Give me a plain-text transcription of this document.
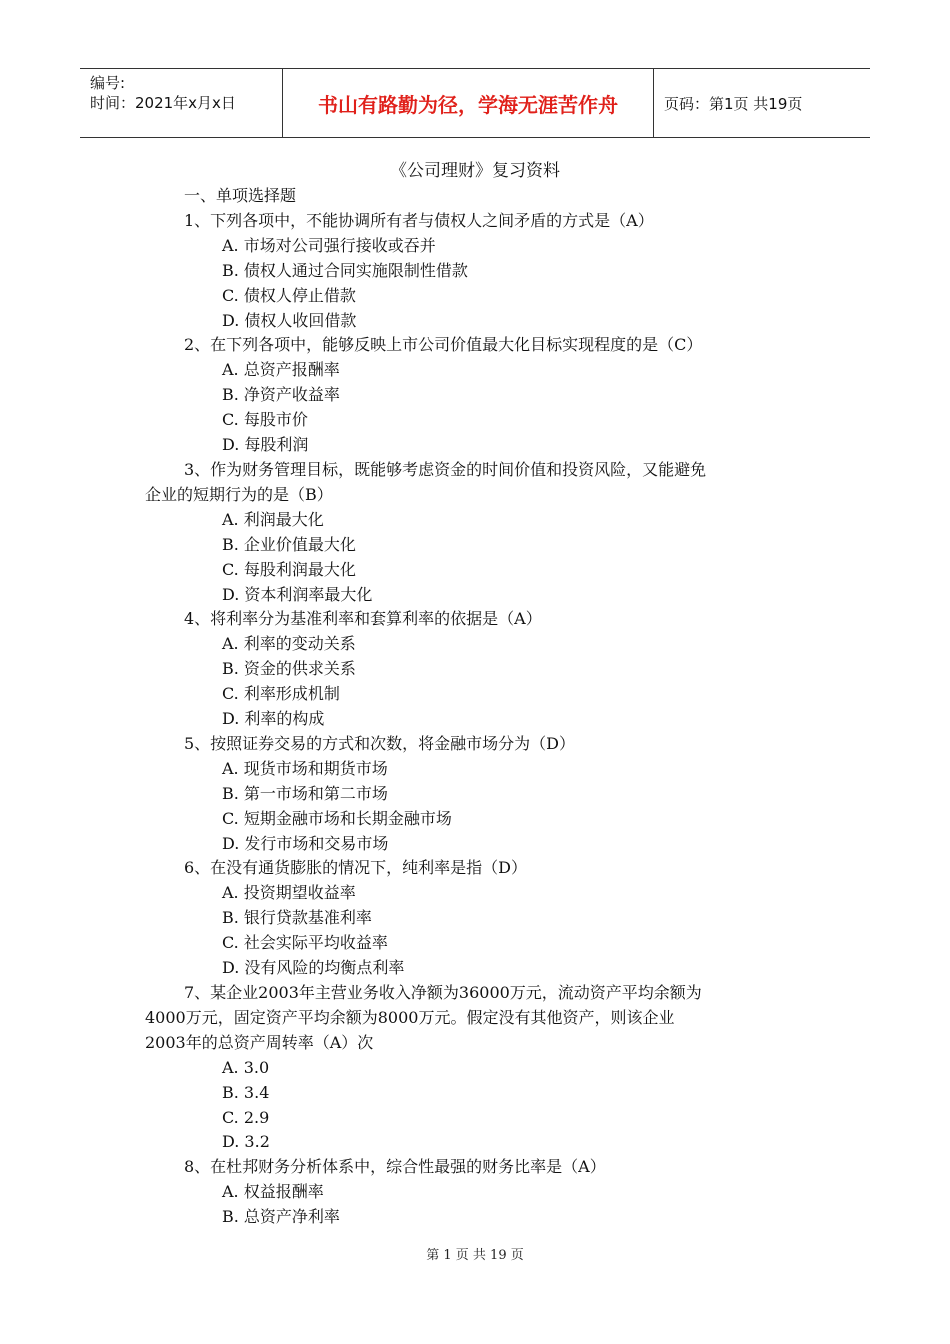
编号:
时间：2021年x月x日	书山有路勤为径，学海无涯苦作舟	页码：第1页 共19页
《公司理财》复习资料
一、单项选择题
1、下列各项中，不能协调所有者与债权人之间矛盾的方式是（A）
A. 市场对公司强行接收或吞并
B. 债权人通过合同实施限制性借款
C. 债权人停止借款
D. 债权人收回借款
2、在下列各项中，能够反映上市公司价值最大化目标实现程度的是（C）
A. 总资产报酬率
B. 净资产收益率
C. 每股市价
D. 每股利润
3、作为财务管理目标，既能够考虑资金的时间价值和投资风险，又能避免
企业的短期行为的是（B）
A. 利润最大化
B. 企业价值最大化
C. 每股利润最大化
D. 资本利润率最大化
4、将利率分为基准利率和套算利率的依据是（A）
A. 利率的变动关系
B. 资金的供求关系
C. 利率形成机制
D. 利率的构成
5、按照证券交易的方式和次数，将金融市场分为（D）
A. 现货市场和期货市场
B. 第一市场和第二市场
C. 短期金融市场和长期金融市场
D. 发行市场和交易市场
6、在没有通货膨胀的情况下，纯利率是指（D）
A. 投资期望收益率
B. 银行贷款基准利率
C. 社会实际平均收益率
D. 没有风险的均衡点利率
7、某企业2003年主营业务收入净额为36000万元，流动资产平均余额为
4000万元，固定资产平均余额为8000万元。假定没有其他资产，则该企业
2003年的总资产周转率（A）次
A. 3.0
B. 3.4
C. 2.9
D. 3.2
8、在杜邦财务分析体系中，综合性最强的财务比率是（A）
A. 权益报酬率
B. 总资产净利率
第 1 页 共 19 页
